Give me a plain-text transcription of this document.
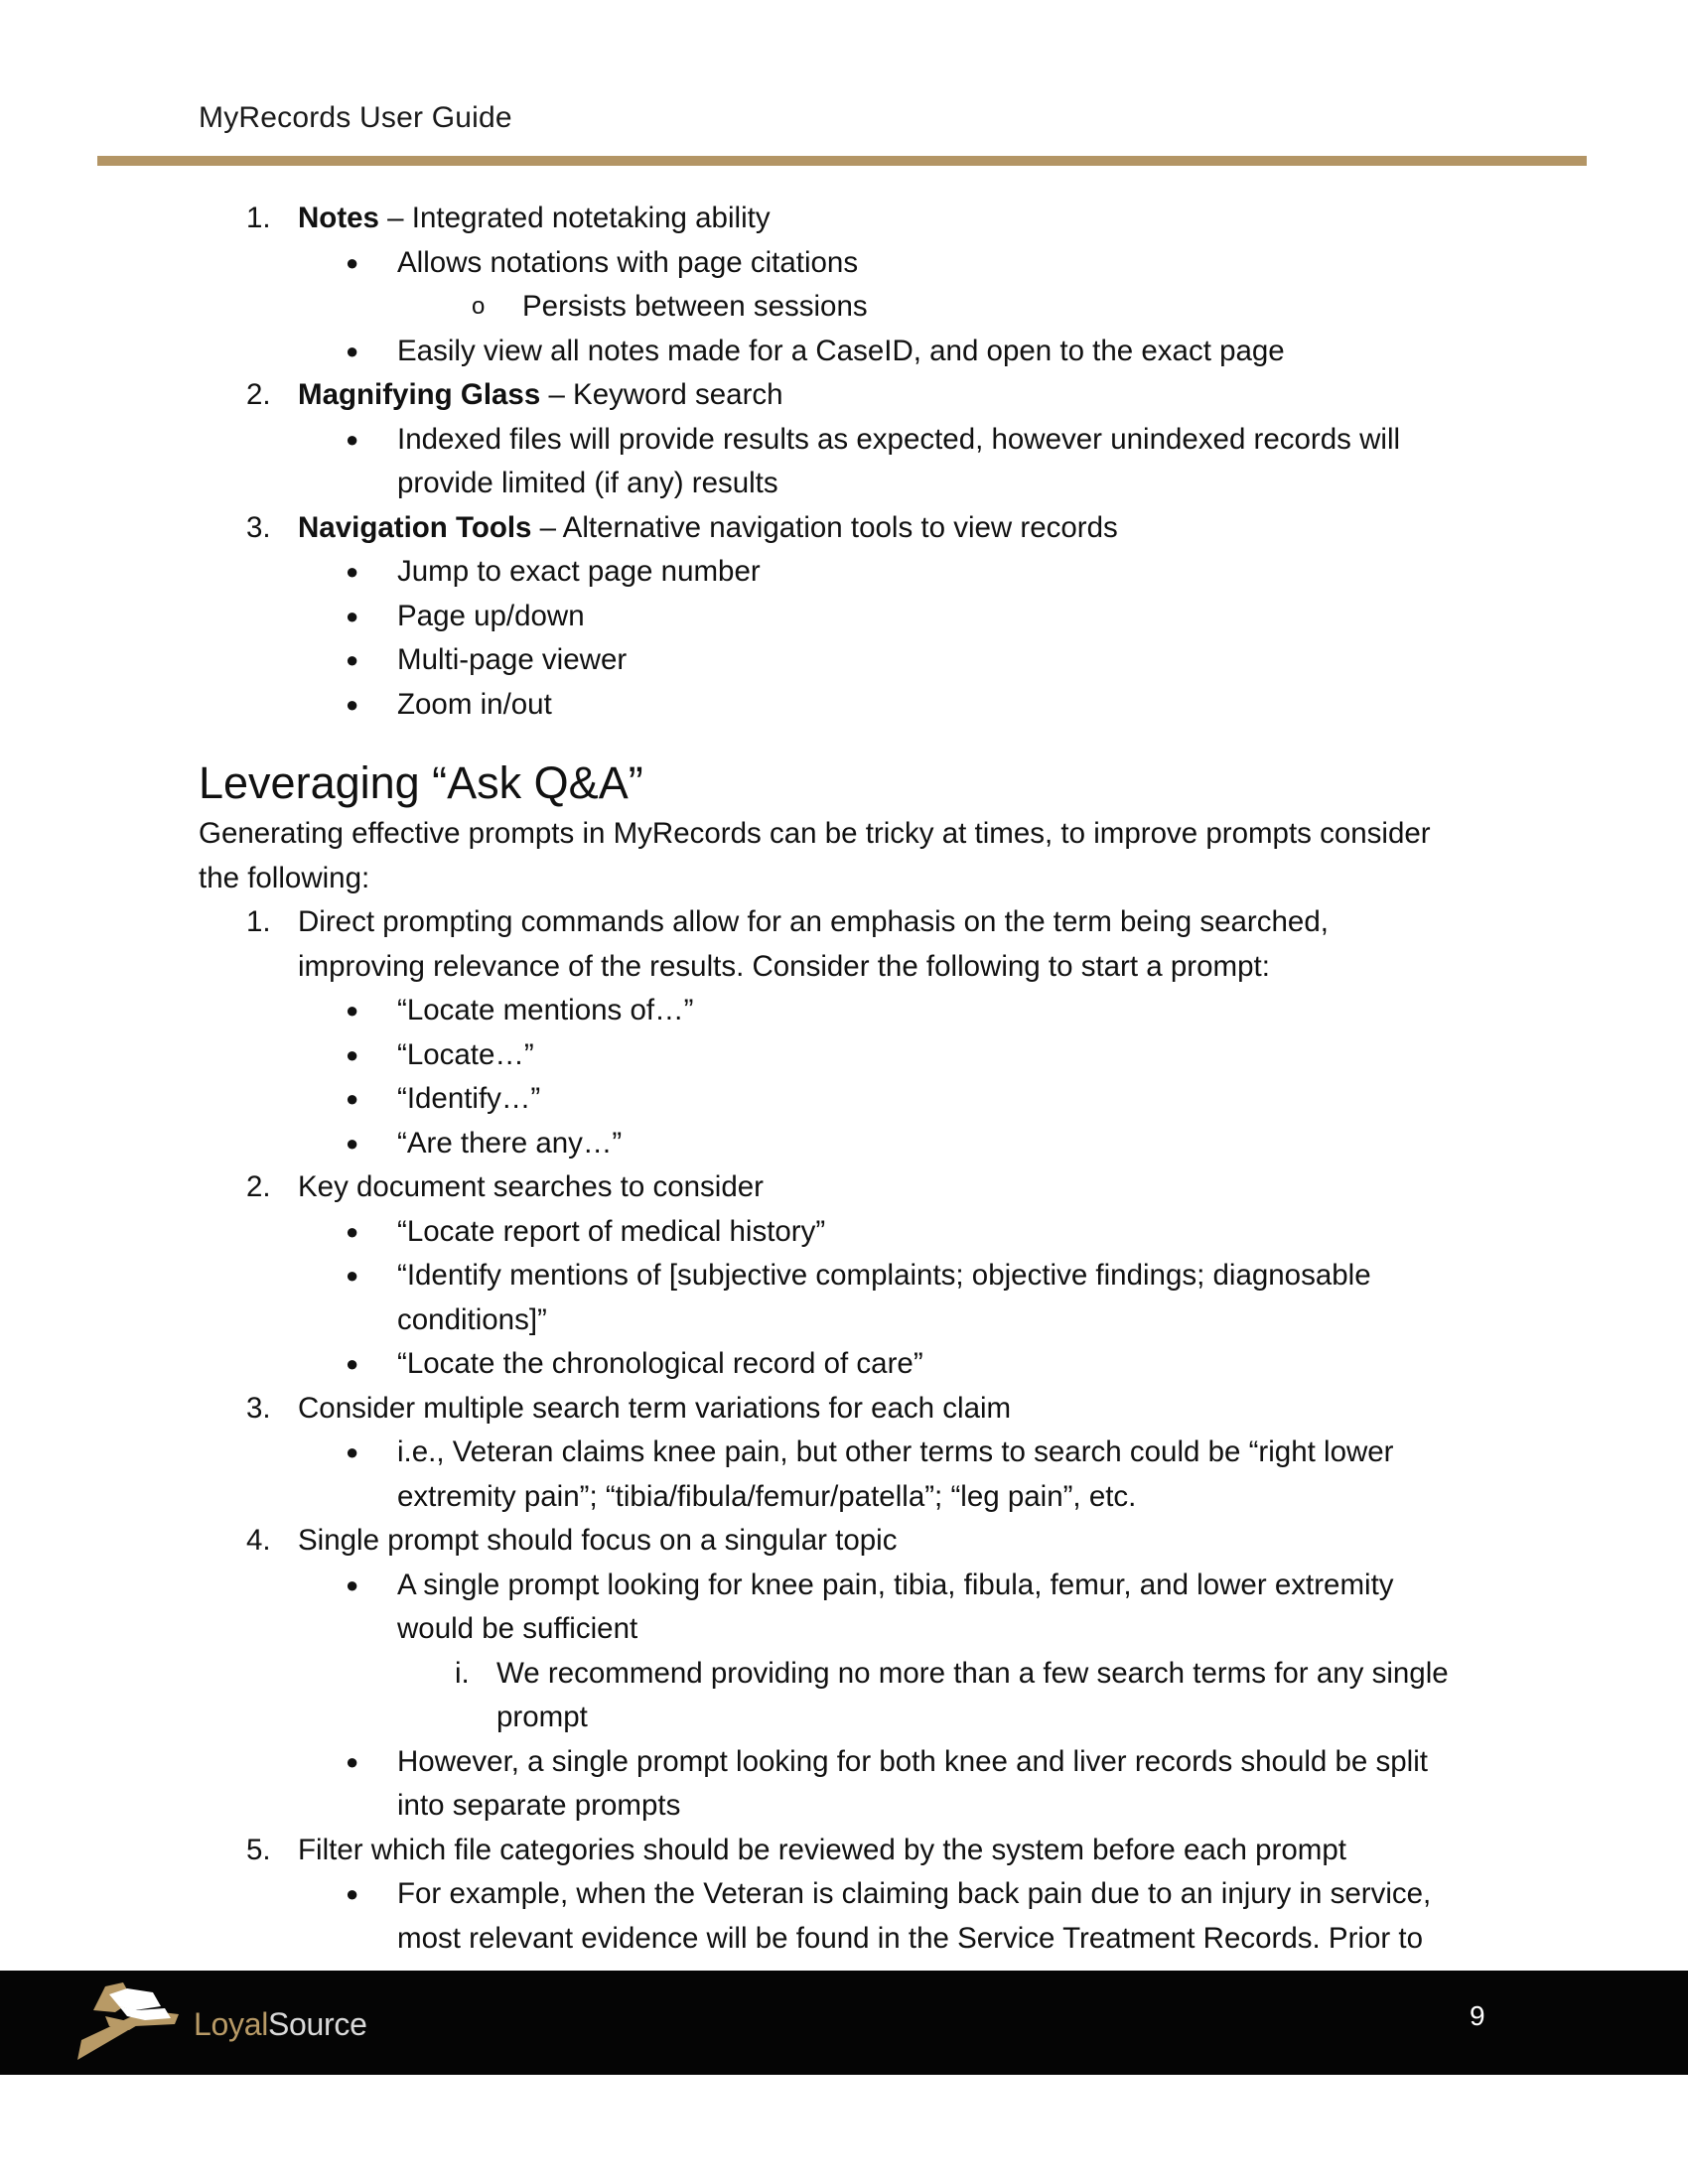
MyRecords User Guide
1. Notes – Integrated notetaking ability
● Allows notations with page citations
o Persists between sessions
● Easily view all notes made for a CaseID, and open to the exact page
2. Magnifying Glass – Keyword search
● Indexed files will provide results as expected, however unindexed records will
provide limited (if any) results
3. Navigation Tools – Alternative navigation tools to view records
● Jump to exact page number
● Page up/down
● Multi-page viewer
● Zoom in/out
Leveraging “Ask Q&A”
Generating effective prompts in MyRecords can be tricky at times, to improve prompts consider
the following:
1. Direct prompting commands allow for an emphasis on the term being searched,
improving relevance of the results. Consider the following to start a prompt:
● “Locate mentions of…”
● “Locate…”
● “Identify…”
● “Are there any…”
2. Key document searches to consider
● “Locate report of medical history”
● “Identify mentions of [subjective complaints; objective findings; diagnosable
conditions]”
● “Locate the chronological record of care”
3. Consider multiple search term variations for each claim
● i.e., Veteran claims knee pain, but other terms to search could be “right lower
extremity pain”; “tibia/fibula/femur/patella”; “leg pain”, etc.
4. Single prompt should focus on a singular topic
● A single prompt looking for knee pain, tibia, fibula, femur, and lower extremity
would be sufficient
i. We recommend providing no more than a few search terms for any single
prompt
● However, a single prompt looking for both knee and liver records should be split
into separate prompts
5. Filter which file categories should be reviewed by the system before each prompt
● For example, when the Veteran is claiming back pain due to an injury in service,
most relevant evidence will be found in the Service Treatment Records. Prior to
LoyalSource	9
